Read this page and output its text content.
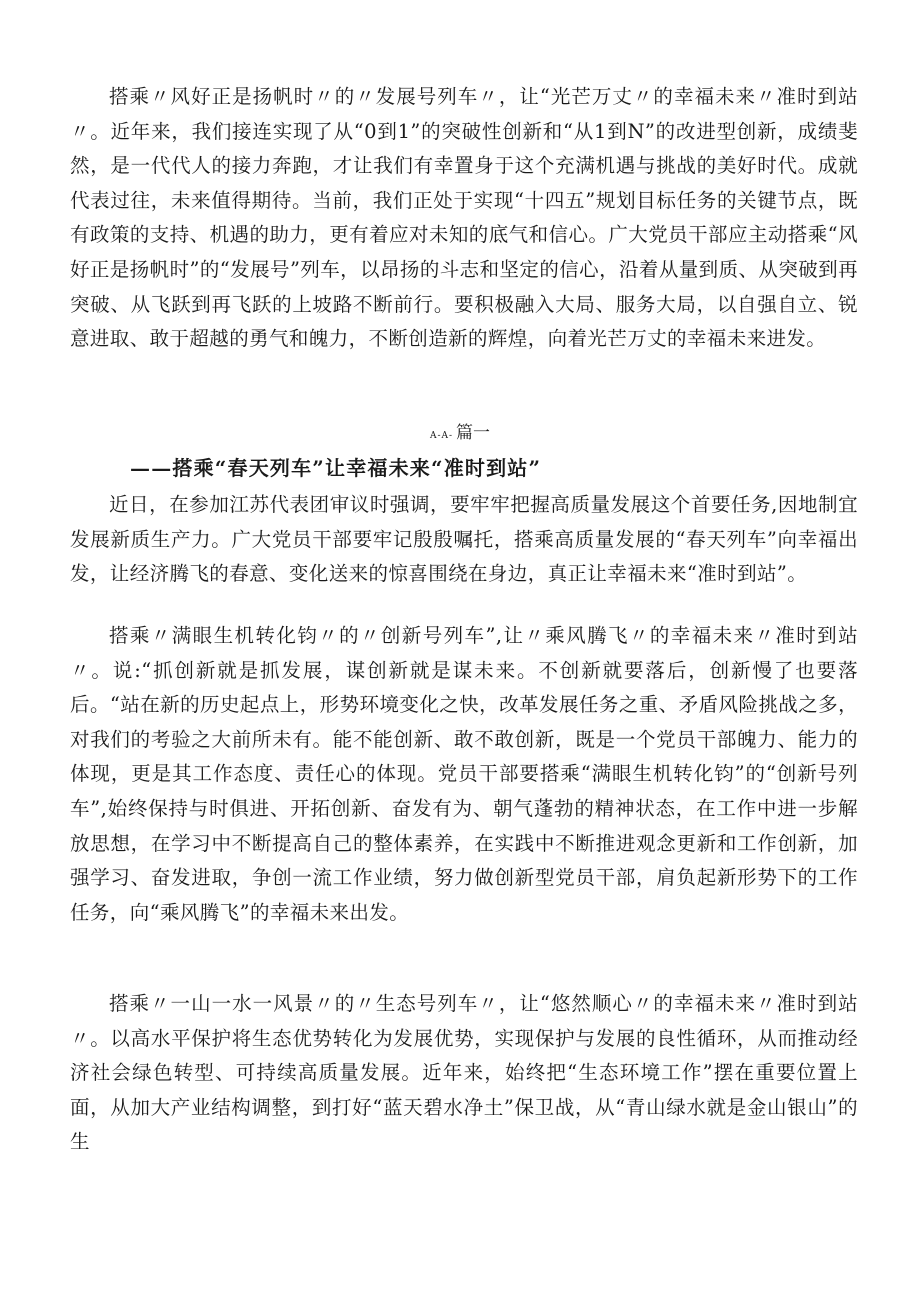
搭乘〃风好正是扬帆时〃的〃发展号列车〃，让“光芒万丈〃的幸福未来〃准时到站〃。近年来，我们接连实现了从“0到1”的突破性创新和“从1到N”的改进型创新，成绩斐然，是一代代人的接力奔跑，才让我们有幸置身于这个充满机遇与挑战的美好时代。成就代表过往，未来值得期待。当前，我们正处于实现“十四五”规划目标任务的关键节点，既有政策的支持、机遇的助力，更有着应对未知的底气和信心。广大党员干部应主动搭乘“风好正是扬帆时”的“发展号”列车，以昂扬的斗志和坚定的信心，沿着从量到质、从突破到再突破、从飞跃到再飞跃的上坡路不断前行。要积极融入大局、服务大局，以自强自立、锐意进取、敢于超越的勇气和魄力，不断创造新的辉煌，向着光芒万丈的幸福未来进发。

A-A- 篇一
——搭乘“春天列车”让幸福未来“准时到站”

近日，在参加江苏代表团审议时强调，要牢牢把握高质量发展这个首要任务,因地制宜发展新质生产力。广大党员干部要牢记殷殷嘱托，搭乘高质量发展的“春天列车”向幸福出发，让经济腾飞的春意、变化送来的惊喜围绕在身边，真正让幸福未来“准时到站”。

搭乘〃满眼生机转化钧〃的〃创新号列车”,让〃乘风腾飞〃的幸福未来〃准时到站〃。说:“抓创新就是抓发展，谋创新就是谋未来。不创新就要落后，创新慢了也要落后。“站在新的历史起点上，形势环境变化之快，改革发展任务之重、矛盾风险挑战之多，对我们的考验之大前所未有。能不能创新、敢不敢创新，既是一个党员干部魄力、能力的体现，更是其工作态度、责任心的体现。党员干部要搭乘“满眼生机转化钧”的“创新号列车”,始终保持与时俱进、开拓创新、奋发有为、朝气蓬勃的精神状态，在工作中进一步解放思想，在学习中不断提高自己的整体素养，在实践中不断推进观念更新和工作创新，加强学习、奋发进取，争创一流工作业绩，努力做创新型党员干部，肩负起新形势下的工作任务，向“乘风腾飞”的幸福未来出发。

搭乘〃一山一水一风景〃的〃生态号列车〃，让“悠然顺心〃的幸福未来〃准时到站〃。以高水平保护将生态优势转化为发展优势，实现保护与发展的良性循环，从而推动经济社会绿色转型、可持续高质量发展。近年来，始终把“生态环境工作”摆在重要位置上面，从加大产业结构调整，到打好“蓝天碧水净土”保卫战，从“青山绿水就是金山银山”的生
